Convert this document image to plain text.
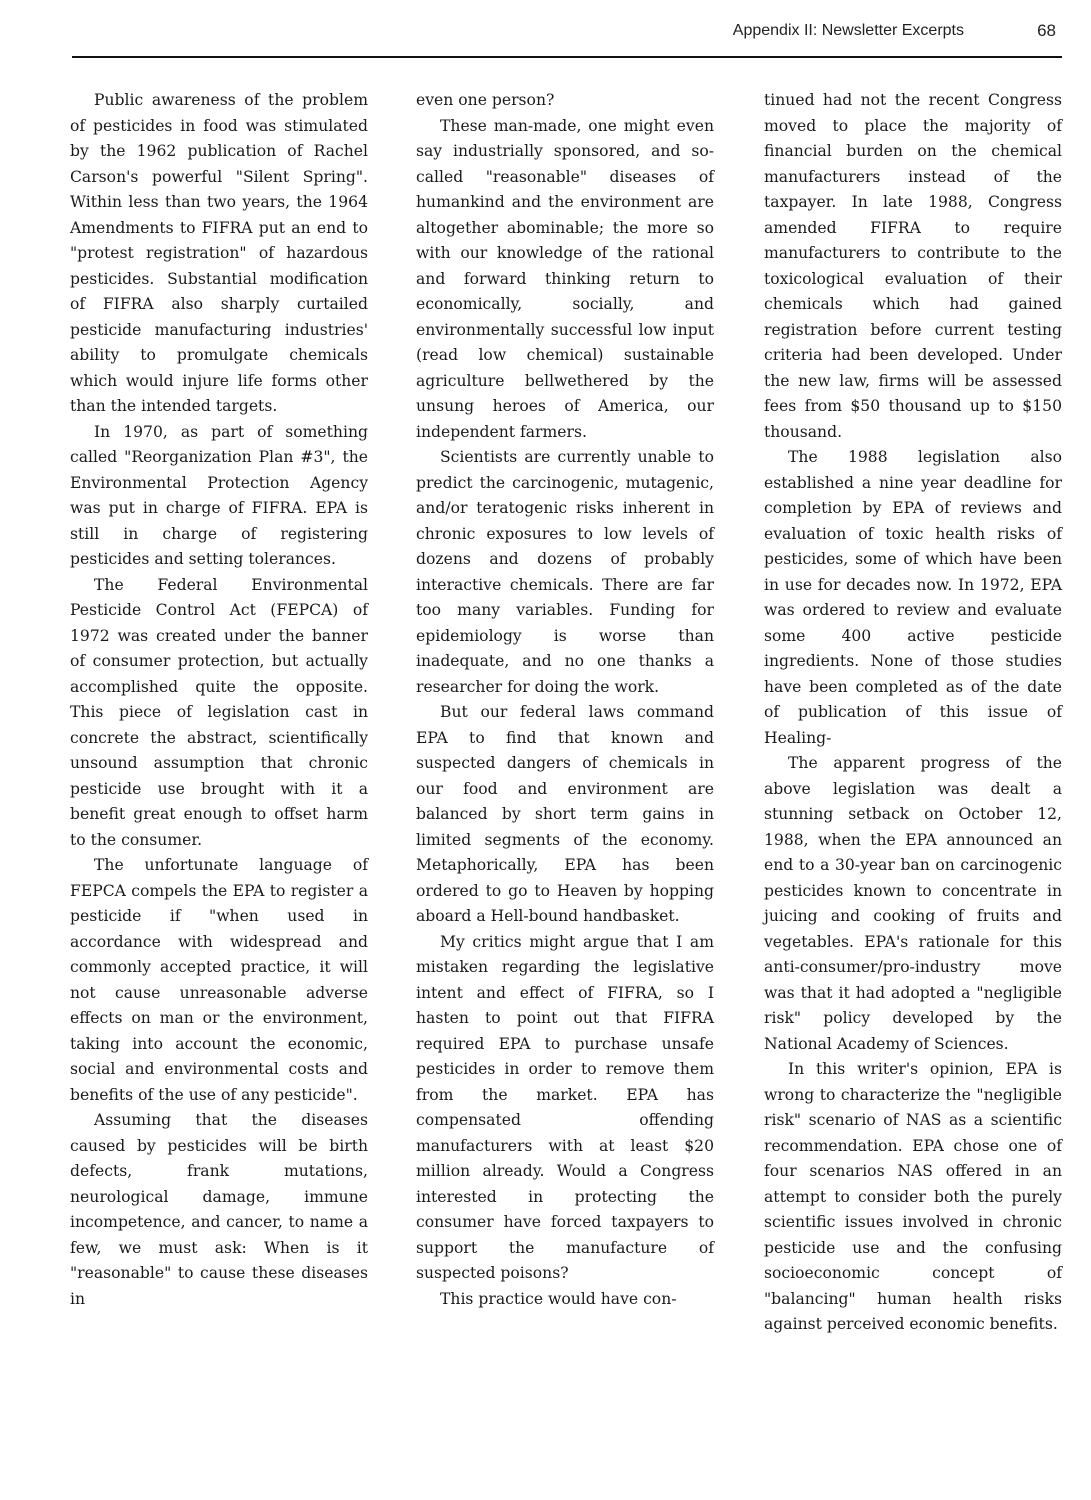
Appendix II: Newsletter Excerpts	68

Public awareness of the problem of pesticides in food was stimulated by the 1962 publication of Rachel Carson's powerful "Silent Spring". Within less than two years, the 1964 Amendments to FIFRA put an end to "protest registration" of hazardous pesticides. Substantial modification of FIFRA also sharply curtailed pesticide manufacturing industries' ability to promulgate chemicals which would injure life forms other than the intended targets.

In 1970, as part of something called "Reorganization Plan #3", the Environmental Protection Agency was put in charge of FIFRA. EPA is still in charge of registering pesticides and setting tolerances.

The Federal Environmental Pesticide Control Act (FEPCA) of 1972 was created under the banner of consumer protection, but actually accomplished quite the opposite. This piece of legislation cast in concrete the abstract, scientifically unsound assumption that chronic pesticide use brought with it a benefit great enough to offset harm to the consumer.

The unfortunate language of FEPCA compels the EPA to register a pesticide if "when used in accordance with widespread and commonly accepted practice, it will not cause unreasonable adverse effects on man or the environment, taking into account the economic, social and environmental costs and benefits of the use of any pesticide".

Assuming that the diseases caused by pesticides will be birth defects, frank mutations, neurological damage, immune incompetence, and cancer, to name a few, we must ask: When is it "reasonable" to cause these diseases in

even one person?

These man-made, one might even say industrially sponsored, and so-called "reasonable" diseases of humankind and the environment are altogether abominable; the more so with our knowledge of the rational and forward thinking return to economically, socially, and environmentally successful low input (read low chemical) sustainable agriculture bellwethered by the unsung heroes of America, our independent farmers.

Scientists are currently unable to predict the carcinogenic, mutagenic, and/or teratogenic risks inherent in chronic exposures to low levels of dozens and dozens of probably interactive chemicals. There are far too many variables. Funding for epidemiology is worse than inadequate, and no one thanks a researcher for doing the work.

But our federal laws command EPA to find that known and suspected dangers of chemicals in our food and environment are balanced by short term gains in limited segments of the economy. Metaphorically, EPA has been ordered to go to Heaven by hopping aboard a Hell-bound handbasket.

My critics might argue that I am mistaken regarding the legislative intent and effect of FIFRA, so I hasten to point out that FIFRA required EPA to purchase unsafe pesticides in order to remove them from the market. EPA has compensated offending manufacturers with at least $20 million already. Would a Congress interested in protecting the consumer have forced taxpayers to support the manufacture of suspected poisons?

This practice would have con-

tinued had not the recent Congress moved to place the majority of financial burden on the chemical manufacturers instead of the taxpayer. In late 1988, Congress amended FIFRA to require manufacturers to contribute to the toxicological evaluation of their chemicals which had gained registration before current testing criteria had been developed. Under the new law, firms will be assessed fees from $50 thousand up to $150 thousand.

The 1988 legislation also established a nine year deadline for completion by EPA of reviews and evaluation of toxic health risks of pesticides, some of which have been in use for decades now. In 1972, EPA was ordered to review and evaluate some 400 active pesticide ingredients. None of those studies have been completed as of the date of publication of this issue of Healing-

The apparent progress of the above legislation was dealt a stunning setback on October 12, 1988, when the EPA announced an end to a 30-year ban on carcinogenic pesticides known to concentrate in juicing and cooking of fruits and vegetables. EPA's rationale for this anti-consumer/pro-industry move was that it had adopted a "negligible risk" policy developed by the National Academy of Sciences.

In this writer's opinion, EPA is wrong to characterize the "negligible risk" scenario of NAS as a scientific recommendation. EPA chose one of four scenarios NAS offered in an attempt to consider both the purely scientific issues involved in chronic pesticide use and the confusing socioeconomic concept of "balancing" human health risks against perceived economic benefits.
